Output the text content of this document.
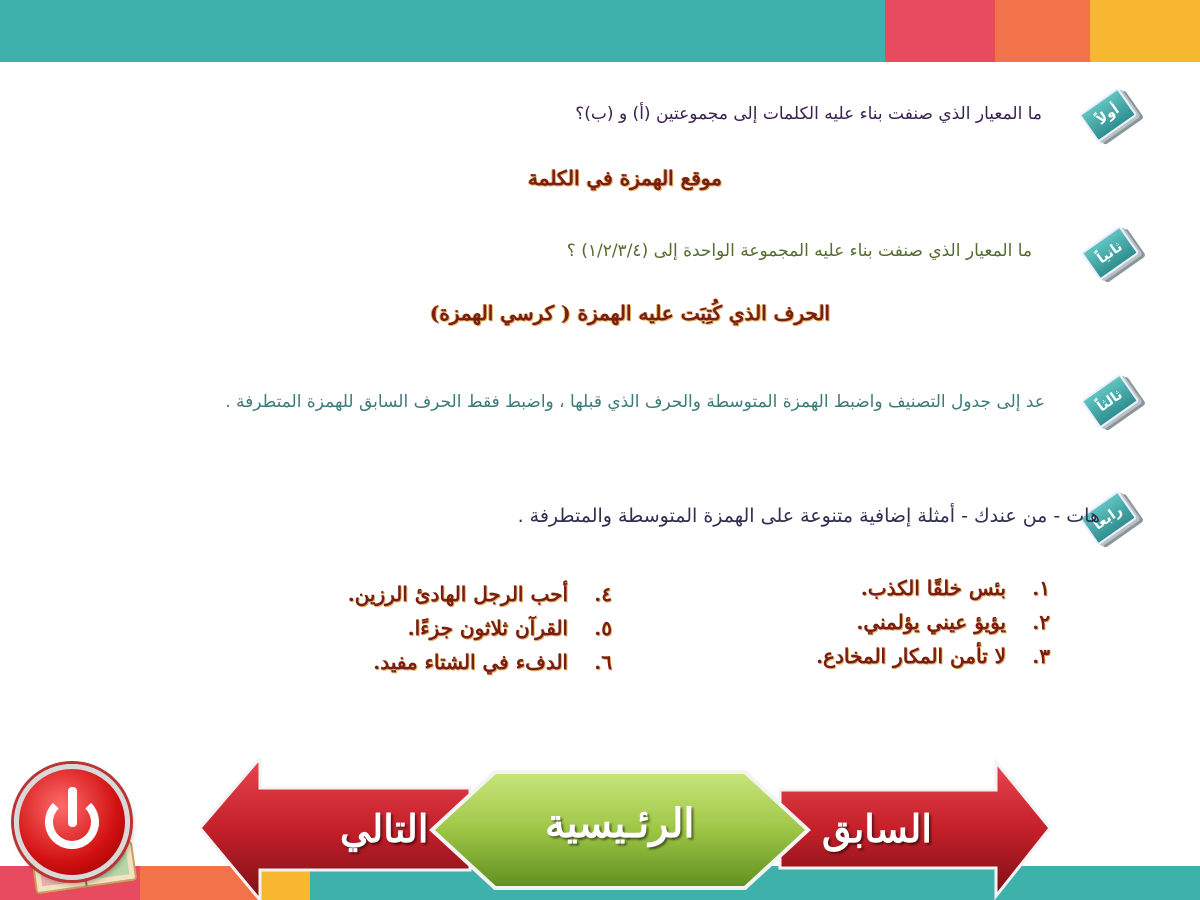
أولاً
ما المعيار الذي صنفت بناء عليه الكلمات إلى مجموعتين (أ) و (ب)؟
موقع الهمزة في الكلمة
ثانياً
ما المعيار الذي صنفت بناء عليه المجموعة الواحدة إلى (١/٢/٣/٤) ؟
الحرف الذي كُتِبَت عليه الهمزة ( كرسي الهمزة)
ثالثاً
عد إلى جدول التصنيف واضبط الهمزة المتوسطة والحرف الذي قبلها ، واضبط فقط الحرف السابق للهمزة المتطرفة .
رابعاً
هات - من عندك - أمثلة إضافية متنوعة على الهمزة المتوسطة والمتطرفة .
١.بئس خلقًا الكذب.
٢.يؤيؤ عيني يؤلمني.
٣.لا تأمن المكار المخادع.
٤.أحب الرجل الهادئ الرزين.
٥.القرآن ثلاثون جزءًا.
٦.الدفء في الشتاء مفيد.
التالي	الرئـيسية	السابق
